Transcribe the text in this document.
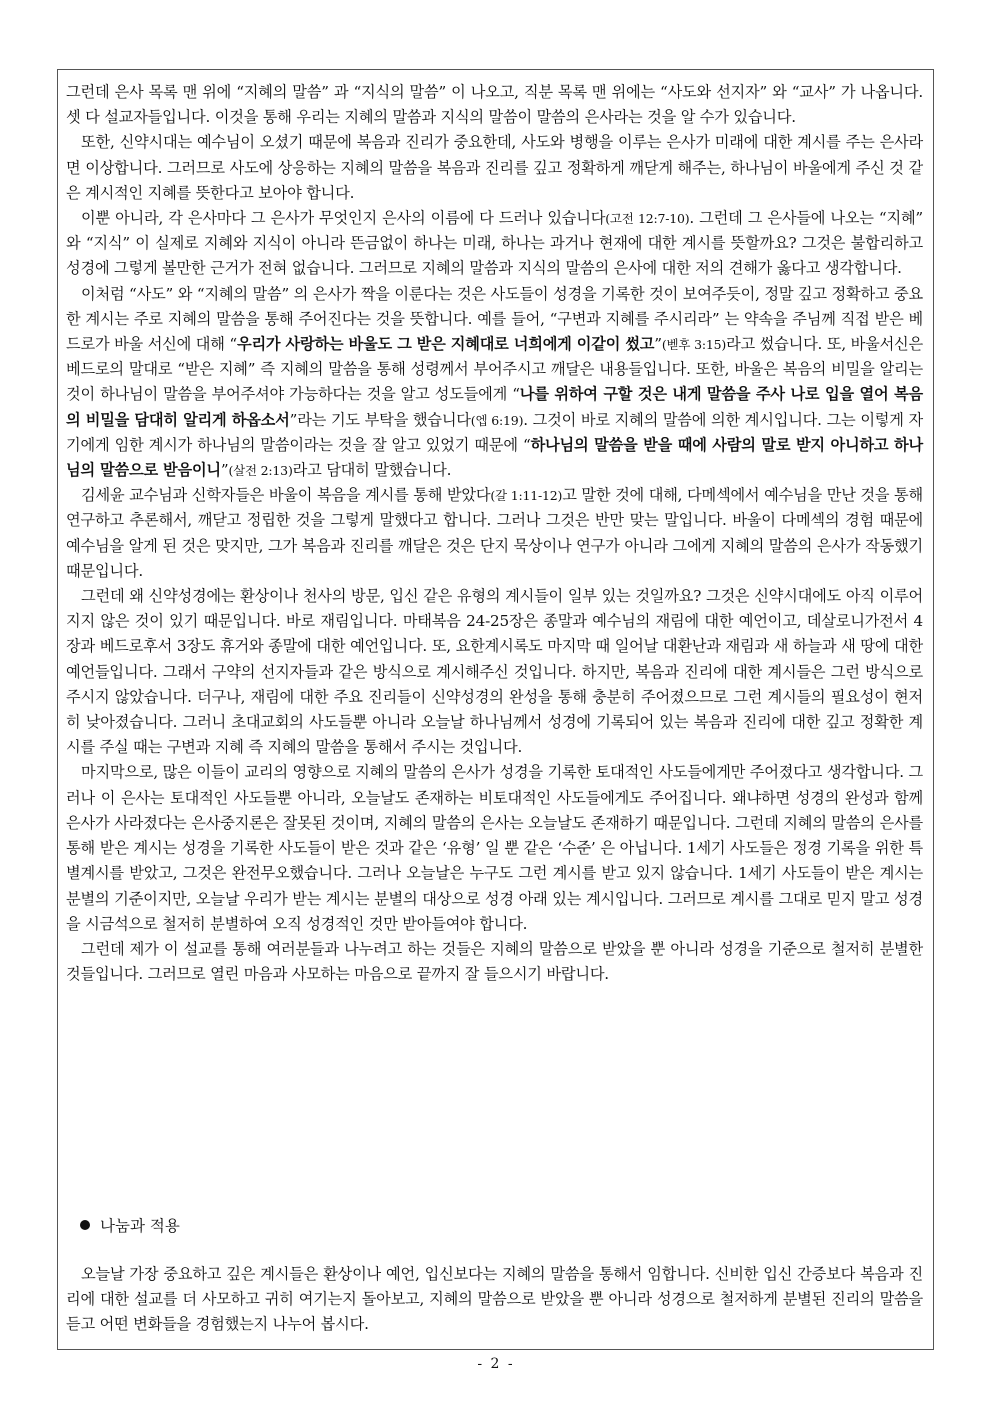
그런데 은사 목록 맨 위에 “지혜의 말씀” 과 “지식의 말씀” 이 나오고, 직분 목록 맨 위에는 “사도와 선지자” 와 “교사” 가 나옵니다. 셋 다 설교자들입니다. 이것을 통해 우리는 지혜의 말씀과 지식의 말씀이 말씀의 은사라는 것을 알 수가 있습니다.

또한, 신약시대는 예수님이 오셨기 때문에 복음과 진리가 중요한데, 사도와 병행을 이루는 은사가 미래에 대한 계시를 주는 은사라면 이상합니다. 그러므로 사도에 상응하는 지혜의 말씀을 복음과 진리를 깊고 정확하게 깨닫게 해주는, 하나님이 바울에게 주신 것 같은 계시적인 지혜를 뜻한다고 보아야 합니다.

이뿐 아니라, 각 은사마다 그 은사가 무엇인지 은사의 이름에 다 드러나 있습니다(고전 12:7-10). 그런데 그 은사들에 나오는 “지혜” 와 “지식” 이 실제로 지혜와 지식이 아니라 뜬금없이 하나는 미래, 하나는 과거나 현재에 대한 계시를 뜻할까요? 그것은 불합리하고 성경에 그렇게 볼만한 근거가 전혀 없습니다. 그러므로 지혜의 말씀과 지식의 말씀의 은사에 대한 저의 견해가 옳다고 생각합니다.

이처럼 “사도” 와 “지혜의 말씀” 의 은사가 짝을 이룬다는 것은 사도들이 성경을 기록한 것이 보여주듯이, 정말 깊고 정확하고 중요한 계시는 주로 지혜의 말씀을 통해 주어진다는 것을 뜻합니다. 예를 들어, “구변과 지혜를 주시리라” 는 약속을 주님께 직접 받은 베드로가 바울 서신에 대해 “우리가 사랑하는 바울도 그 받은 지혜대로 너희에게 이같이 썼고”(벧후 3:15)라고 썼습니다. 또, 바울서신은 베드로의 말대로 “받은 지혜” 즉 지혜의 말씀을 통해 성령께서 부어주시고 깨달은 내용들입니다. 또한, 바울은 복음의 비밀을 알리는 것이 하나님이 말씀을 부어주셔야 가능하다는 것을 알고 성도들에게 “나를 위하여 구할 것은 내게 말씀을 주사 나로 입을 열어 복음의 비밀을 담대히 알리게 하옵소서”라는 기도 부탁을 했습니다(엡 6:19). 그것이 바로 지혜의 말씀에 의한 계시입니다. 그는 이렇게 자기에게 임한 계시가 하나님의 말씀이라는 것을 잘 알고 있었기 때문에 “하나님의 말씀을 받을 때에 사람의 말로 받지 아니하고 하나님의 말씀으로 받음이니”(살전 2:13)라고 담대히 말했습니다.

김세윤 교수님과 신학자들은 바울이 복음을 계시를 통해 받았다(갈 1:11-12)고 말한 것에 대해, 다메섹에서 예수님을 만난 것을 통해 연구하고 추론해서, 깨닫고 정립한 것을 그렇게 말했다고 합니다. 그러나 그것은 반만 맞는 말입니다. 바울이 다메섹의 경험 때문에 예수님을 알게 된 것은 맞지만, 그가 복음과 진리를 깨달은 것은 단지 묵상이나 연구가 아니라 그에게 지혜의 말씀의 은사가 작동했기 때문입니다.

그런데 왜 신약성경에는 환상이나 천사의 방문, 입신 같은 유형의 계시들이 일부 있는 것일까요? 그것은 신약시대에도 아직 이루어지지 않은 것이 있기 때문입니다. 바로 재림입니다. 마태복음 24-25장은 종말과 예수님의 재림에 대한 예언이고, 데살로니가전서 4장과 베드로후서 3장도 휴거와 종말에 대한 예언입니다. 또, 요한계시록도 마지막 때 일어날 대환난과 재림과 새 하늘과 새 땅에 대한 예언들입니다. 그래서 구약의 선지자들과 같은 방식으로 계시해주신 것입니다. 하지만, 복음과 진리에 대한 계시들은 그런 방식으로 주시지 않았습니다. 더구나, 재림에 대한 주요 진리들이 신약성경의 완성을 통해 충분히 주어졌으므로 그런 계시들의 필요성이 현저히 낮아졌습니다. 그러니 초대교회의 사도들뿐 아니라 오늘날 하나님께서 성경에 기록되어 있는 복음과 진리에 대한 깊고 정확한 계시를 주실 때는 구변과 지혜 즉 지혜의 말씀을 통해서 주시는 것입니다.

마지막으로, 많은 이들이 교리의 영향으로 지혜의 말씀의 은사가 성경을 기록한 토대적인 사도들에게만 주어졌다고 생각합니다. 그러나 이 은사는 토대적인 사도들뿐 아니라, 오늘날도 존재하는 비토대적인 사도들에게도 주어집니다. 왜냐하면 성경의 완성과 함께 은사가 사라졌다는 은사중지론은 잘못된 것이며, 지혜의 말씀의 은사는 오늘날도 존재하기 때문입니다. 그런데 지혜의 말씀의 은사를 통해 받은 계시는 성경을 기록한 사도들이 받은 것과 같은 ‘유형’ 일 뿐 같은 ‘수준’ 은 아닙니다. 1세기 사도들은 정경 기록을 위한 특별계시를 받았고, 그것은 완전무오했습니다. 그러나 오늘날은 누구도 그런 계시를 받고 있지 않습니다. 1세기 사도들이 받은 계시는 분별의 기준이지만, 오늘날 우리가 받는 계시는 분별의 대상으로 성경 아래 있는 계시입니다. 그러므로 계시를 그대로 믿지 말고 성경을 시금석으로 철저히 분별하여 오직 성경적인 것만 받아들여야 합니다.

그런데 제가 이 설교를 통해 여러분들과 나누려고 하는 것들은 지혜의 말씀으로 받았을 뿐 아니라 성경을 기준으로 철저히 분별한 것들입니다. 그러므로 열린 마음과 사모하는 마음으로 끝까지 잘 들으시기 바랍니다.

나눔과 적용

오늘날 가장 중요하고 깊은 계시들은 환상이나 예언, 입신보다는 지혜의 말씀을 통해서 임합니다. 신비한 입신 간증보다 복음과 진리에 대한 설교를 더 사모하고 귀히 여기는지 돌아보고, 지혜의 말씀으로 받았을 뿐 아니라 성경으로 철저하게 분별된 진리의 말씀을 듣고 어떤 변화들을 경험했는지 나누어 봅시다.

- 2 -
